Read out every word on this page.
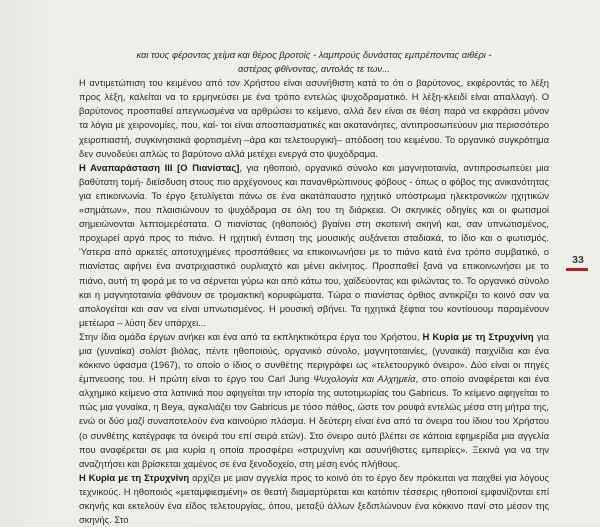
και τους φέροντας χείμα και θέρος βροτοίς - λαμπρούς δυνάστας εμπρέποντας αιθέρι -
αστέρας φθίνοντας, αντολάς τε των...

Η αντιμετώπιση του κειμένου από τον Χρήστου είναι ασυνήθιστη κατά το ότι ο βαρύτονος, εκφέροντάς το λέξη προς λέξη, καλείται να το ερμηνεύσει με ένα τρόπο εντελώς ψυχοδραματικό. Η λέξη-κλειδί είναι απαλλαγή. Ο βαρύτονος προσπαθεί απεγνωσμένα να αρθρώσει το κείμενο, αλλά δεν είναι σε θέση παρά να εκφράσει μόνον τα λόγια με χειρονομίες, που, καί- τοι είναι αποσπασματικές και ακατανόητες, αντιπροσωπεύουν μια περισσότερο χειροπιαστή, συγκινησιακά φορτισμένη –άρα και τελετουργική– απόδοση του κειμένου. Το οργανικό συγκρότημα δεν συνοδεύει απλώς το βαρύτονο αλλά μετέχει ενεργά στο ψυχόδραμα.

Η Αναπαράσταση ΙΙΙ [Ο Πιανίστας], για ηθοποιό, οργανικό σύνολο και μαγνητοταινία, αντιπροσωπεύει μια βαθύτατη τομή- διείσδυση στους πιο αρχέγονους και πανανθρώπινους φόβους - όπως ο φόβος της ανικανότητας για επικοινωνία. Το έργο ξετυλίγεται πάνω σε ένα ακατάπαυστο ηχητικό υπόστρωμα ηλεκτρονικών ηχητικών «σημάτων», που πλαισιώνουν το ψυχόδραμα σε όλη του τη διάρκεια. Οι σκηνικές οδηγίες και οι φωτισμοί σημειώνονται λεπτομερέστατα. Ο πιανίστας (ηθοποιός) βγαίνει στη σκοτεινή σκηνή και, σαν υπνωτισμένος, προχωρεί αργά προς το πιάνο. Η ηχητική ένταση της μουσικής αυξάνεται σταδιακά, το ίδιο και ο φωτισμός. Ύστερα από αρκετές αποτυχημένες προσπάθειες να επικοινωνήσει με το πιάνο κατά ένα τρόπο συμβατικό, ο πιανίστας αφήνει ένα ανατριχιαστικό ουρλιαχτό και μένει ακίνητος. Προσπαθεί ξανά να επικοινωνήσει με το πιάνο, αυτή τη φορά με το να σέρνεται γύρω και από κάτω του, χαϊδεύοντας και φιλώντας το. Το οργανικό σύνολο και η μαγνητοταινία φθάνουν σε τρομακτική κορυφώματα. Τώρα ο πιανίστας όρθιος αντικρίζει το κοινό σαν να απολογείται και σαν να είναι υπνωτισμένος. Η μουσική σβήνει. Τα ηχητικά ξέφτια του κοντίουουμ παραμένουν μετέωρα – λύση δεν υπάρχει...

Στην ίδια ομάδα έργων ανήκει και ένα από τα εκπληκτικότερα έργα του Χρήστου, Η Κυρία με τη Στρυχνίνη για μια (γυναίκα) σολίστ βιόλας, πέντε ηθοποιούς, οργανικό σύνολο, μαγνητοταινίες, (γυναικά) παιχνίδια και ένα κόκκινο ύφασμα (1967), το οποίο ο ίδιος ο συνθέτης περιγράφει ως «τελετουργικό όνειρο». Δύο είναι οι πηγές έμπνευσης του. Η πρώτη είναι το έργο του Carl Jung Ψυχολογία και Αλχημεία, στο οποίο αναφέρεται και ένα αλχημικό κείμενο στα λατινικά που αφηγείται την ιστορία της αυτοτιμωρίας του Gabricus. Το κείμενο αφηγείται το πώς μια γυναίκα, η Beya, αγκαλιάζει τον Gabricus με τόσο πάθος, ώστε τον ρουφά εντελώς μέσα στη μήτρα της, ενώ οι δύο μαζί συναποτελούν ένα καινούριο πλάσμα. Η δεύτερη είναι ένα από τα όνειρα του ίδιου του Χρήστου (ο συνθέτης κατέγραφε τα όνειρά του επί σειρά ετών). Στο όνειρο αυτό βλέπει σε κάποια εφημερίδα μια αγγελία που αναφέρεται σε μια κυρία η οποία προσφέρει «στρυχνίνη και ασυνήθιστες εμπειρίες». Ξεκινά για να την αναζητήσει και βρίσκεται χαμένος σε ένα ξενοδοχείο, στη μέση ενός πλήθους.

Η Κυρία με τη Στρυχνίνη αρχίζει με μιαν αγγελία προς το κοινό ότι το έργο δεν πρόκειται να παιχθεί για λόγους τεχνικούς. Η ηθοποιός «μεταμφιεσμένη» σε θεατή διαμαρτύρεται και κατόπιν τέσσερις ηθοποιοί εμφανίζονται επί σκηνής και εκτελούν ένα είδος τελετουργίας, όπου, μεταξύ άλλων ξεδιπλώνουν ένα κόκκινο πανί στο μέσον της σκηνής. Στο

33
